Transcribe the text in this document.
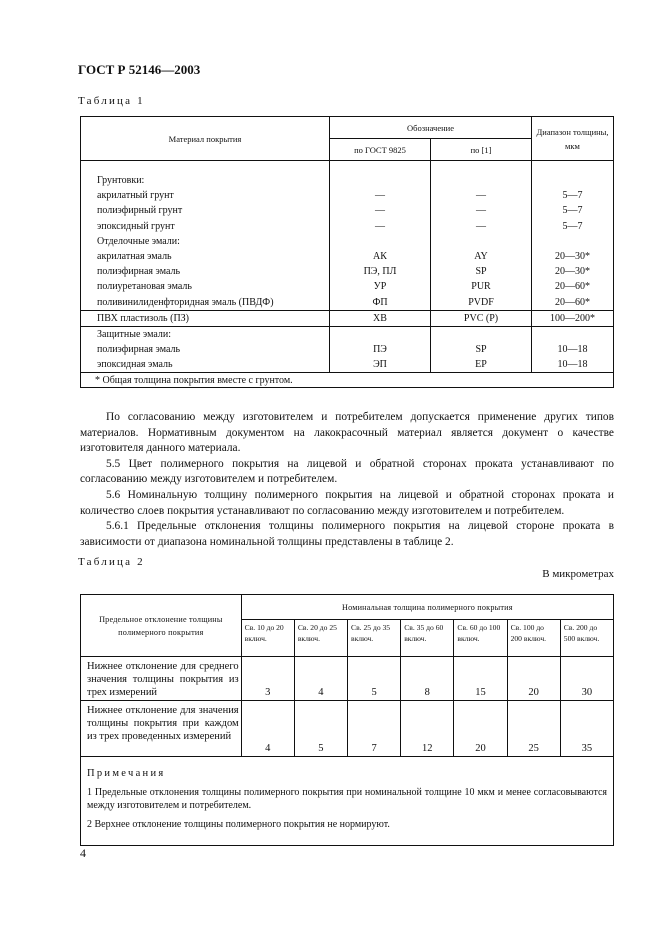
ГОСТ Р 52146—2003
Таблица 1
Материал покрытия	Обозначение		Диапазон толщины, мкм
	по ГОСТ 9825	по [1]	

Грунтовки:			
акрилатный грунт	—	—	5—7
полиэфирный грунт	—	—	5—7
эпоксидный грунт	—	—	5—7
Отделочные эмали:			
акрилатная эмаль	АК	AY	20—30*
полиэфирная эмаль	ПЭ, ПЛ	SP	20—30*
полиуретановая эмаль	УР	PUR	20—60*
поливинилиденфторидная эмаль (ПВДФ)	ФП	PVDF	20—60*
ПВХ пластизоль (ПЗ)	ХВ	PVC (P)	100—200*
Защитные эмали:			
полиэфирная эмаль	ПЭ	SP	10—18
эпоксидная эмаль	ЭП	EP	10—18
* Общая толщина покрытия вместе с грунтом.			

По согласованию между изготовителем и потребителем допускается применение других типов материалов. Нормативным документом на лакокрасочный материал является документ о качестве изготовителя данного материала.

5.5 Цвет полимерного покрытия на лицевой и обратной сторонах проката устанавливают по согласованию между изготовителем и потребителем.

5.6 Номинальную толщину полимерного покрытия на лицевой и обратной сторонах проката и количество слоев покрытия устанавливают по согласованию между изготовителем и потребителем.

5.6.1 Предельные отклонения толщины полимерного покрытия на лицевой стороне проката в зависимости от диапазона номинальной толщины представлены в таблице 2.

Таблица 2
В микрометрах
Предельное отклонение толщины полимерного покрытия	Номинальная толщина полимерного покрытия						
	Св. 10 до 20 включ.	Св. 20 до 25 включ.	Св. 25 до 35 включ.	Св. 35 до 60 включ.	Св. 60 до 100 включ.	Св. 100 до 200 включ.	Св. 200 до 500 включ.
Нижнее отклонение для среднего значения толщины покрытия из трех измерений	3	4	5	8	15	20	30
Нижнее отклонение для значения толщины покрытия при каждом из трех проведенных измерений	4	5	7	12	20	25	35

Примечания

1 Предельные отклонения толщины полимерного покрытия при номинальной толщине 10 мкм и менее согласовываются между изготовителем и потребителем.

2 Верхнее отклонение толщины полимерного покрытия не нормируют.							

4
